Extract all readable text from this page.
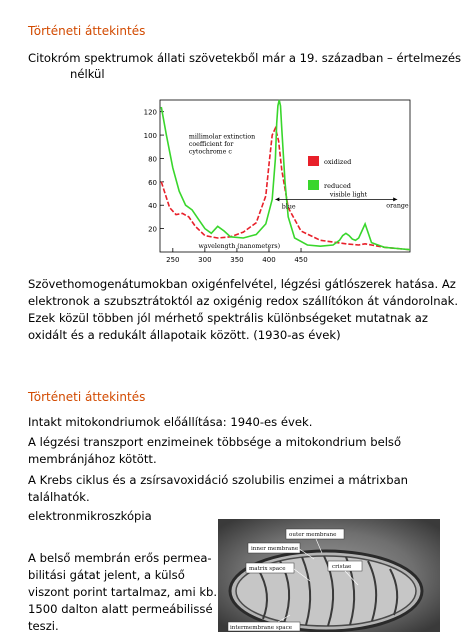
Történeti áttekintés
Citokróm spektrumok állati szövetekből már a 19. században – értelmezés
nélkül
20
40
60
80
100
120
250	300	350	400	450
wavelength (nanometers)
millimolar extinction coefficient for cytochrome c
oxidized
reduced
blue
visible light
orange
Szövethomogenátumokban oxigénfelvétel, légzési gátlószerek hatása. Az
elektronok a szubsztrátoktól az oxigénig redox szállítókon át vándorolnak.
Ezek közül többen jól mérhető spektrális különbségeket mutatnak az
oxidált és a redukált állapotaik között. (1930-as évek)
Történeti áttekintés
Intakt mitokondriumok előállítása: 1940-es évek.
A légzési transzport enzimeinek többsége a mitokondrium belső
membránjához kötött.
A Krebs ciklus és a zsírsavoxidáció szolubilis enzimei a mátrixban
találhatók.
elektronmikroszkópia
A belső membrán erős permea-
bilitási gátat jelent, a külső
viszont porint tartalmaz, ami kb.
1500 dalton alatt permeábilissé
teszi.
outer membrane
inner membrane
matrix space	cristae
intermembrane space
